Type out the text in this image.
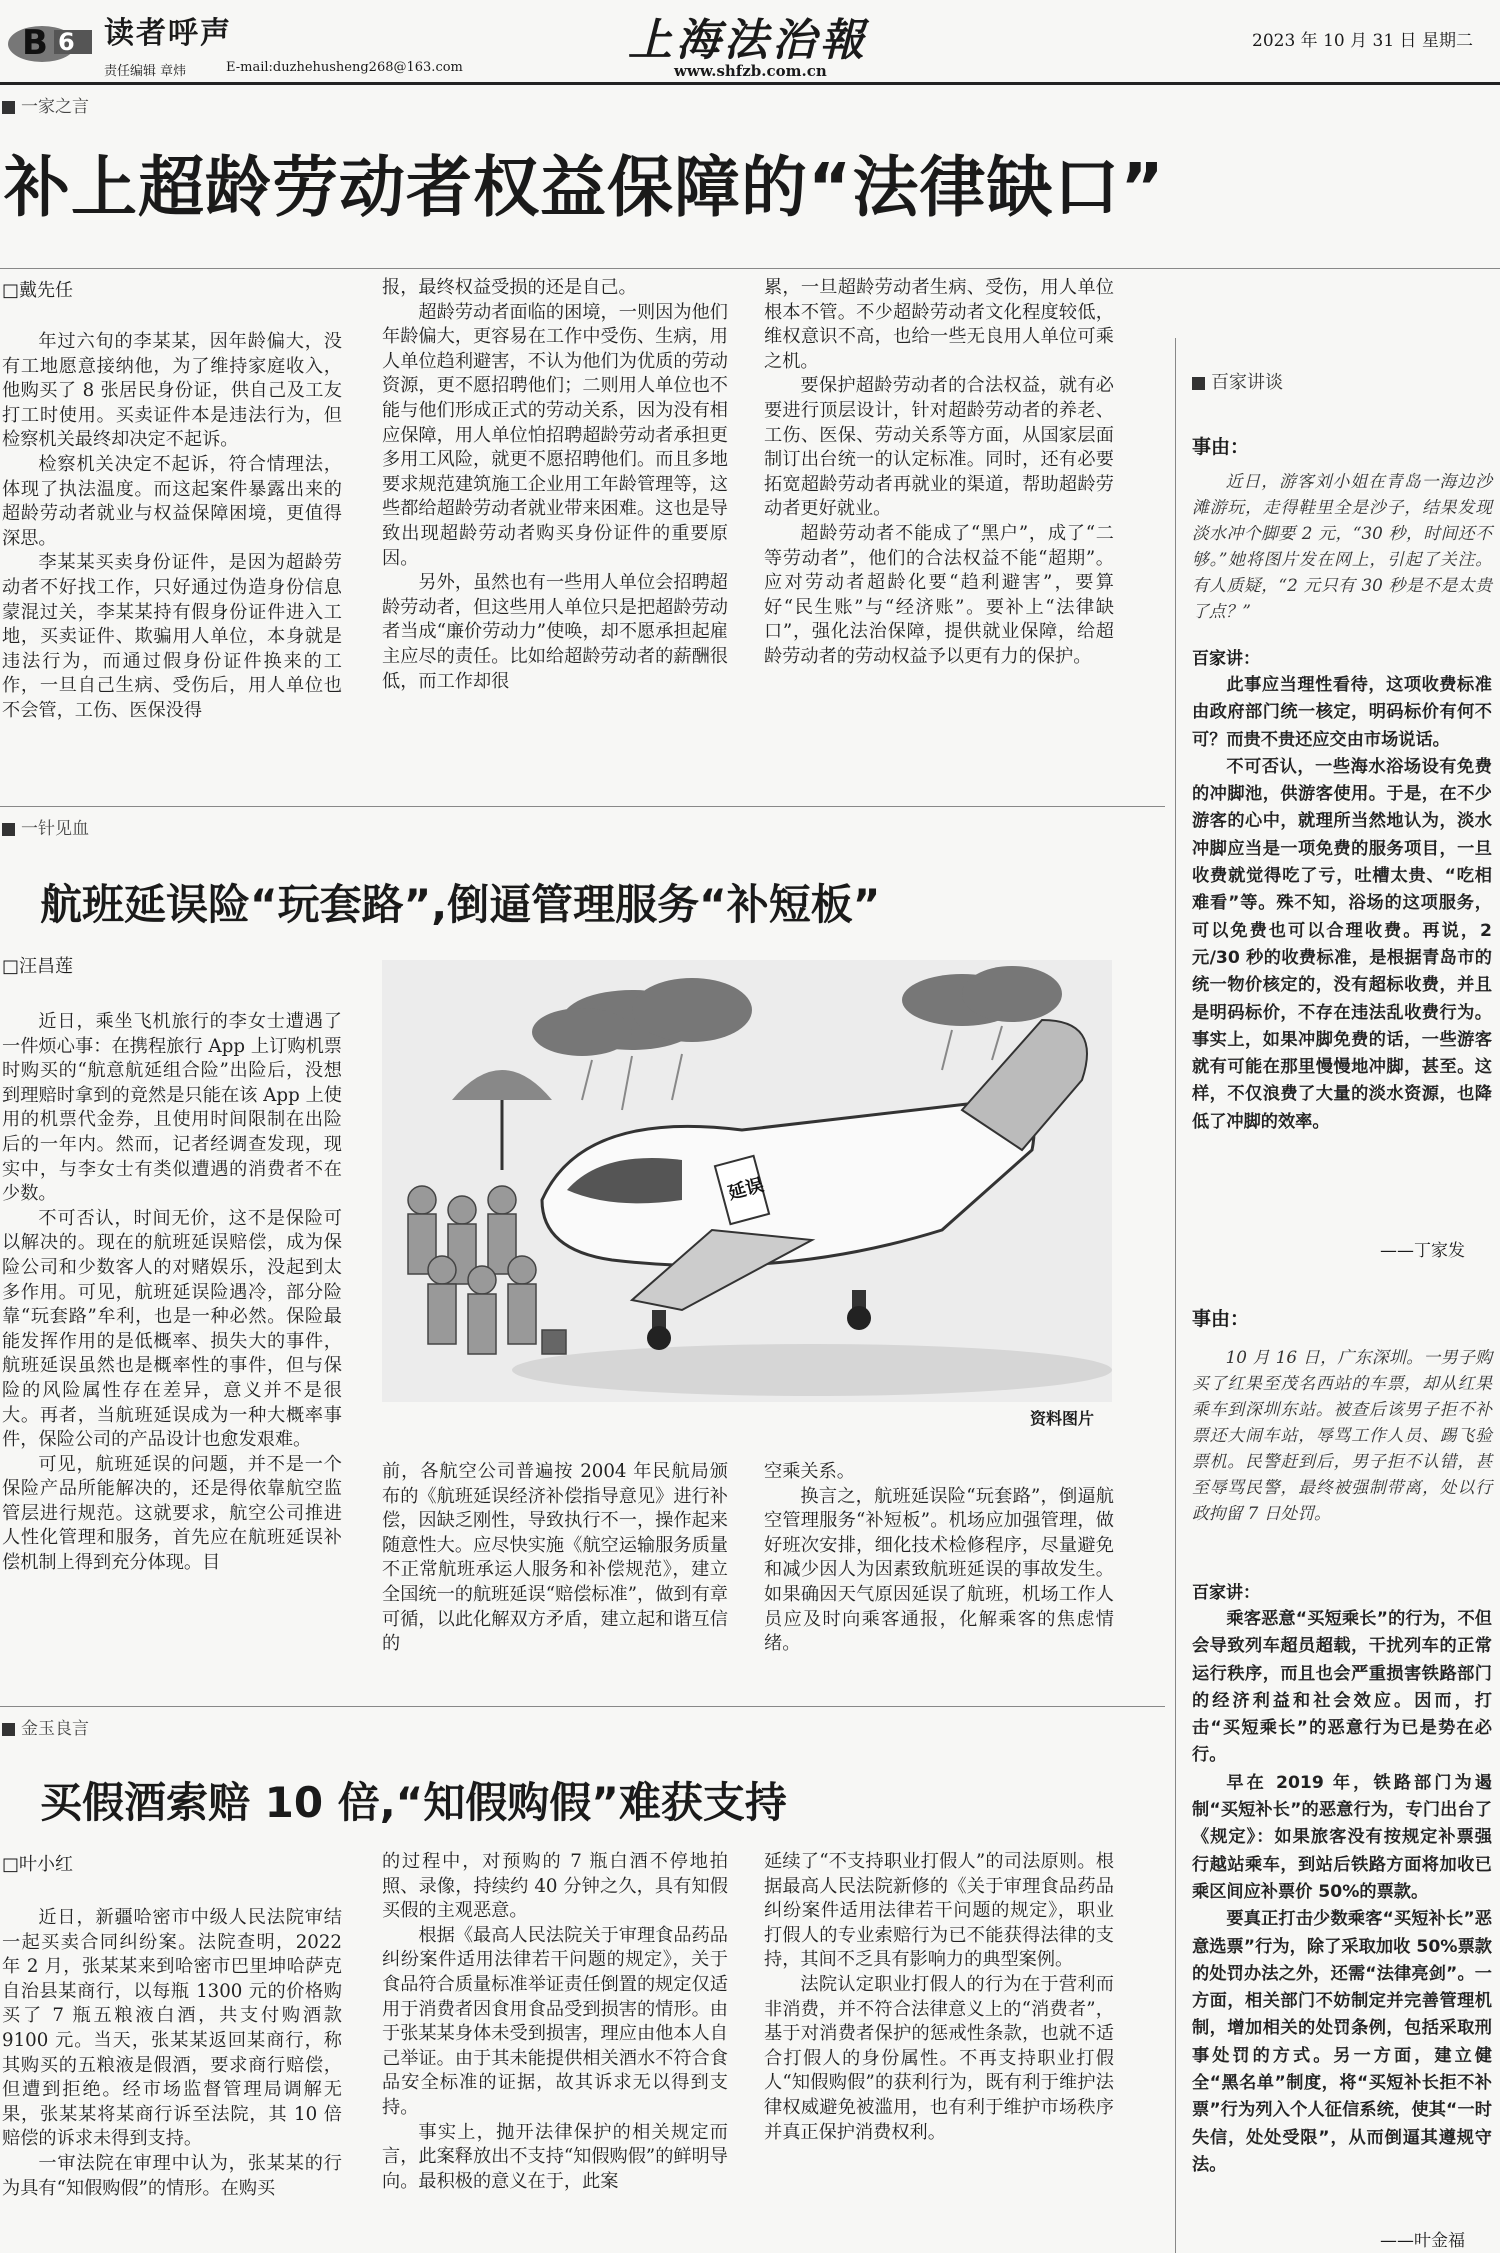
B 6 读者呼声
责任编辑 章炜	E-mail:duzhehusheng268@163.com
上海法治報
www.shfzb.com.cn
2023 年 10 月 31 日 星期二
一家之言
补上超龄劳动者权益保障的“法律缺口”
□戴先任

年过六旬的李某某，因年龄偏大，没有工地愿意接纳他，为了维持家庭收入，他购买了 8 张居民身份证，供自己及工友打工时使用。买卖证件本是违法行为，但检察机关最终却决定不起诉。

检察机关决定不起诉，符合情理法，体现了执法温度。而这起案件暴露出来的超龄劳动者就业与权益保障困境，更值得深思。

李某某买卖身份证件，是因为超龄劳动者不好找工作，只好通过伪造身份信息蒙混过关，李某某持有假身份证件进入工地，买卖证件、欺骗用人单位，本身就是违法行为，而通过假身份证件换来的工作，一旦自己生病、受伤后，用人单位也不会管，工伤、医保没得

报，最终权益受损的还是自己。

超龄劳动者面临的困境，一则因为他们年龄偏大，更容易在工作中受伤、生病，用人单位趋利避害，不认为他们为优质的劳动资源，更不愿招聘他们；二则用人单位也不能与他们形成正式的劳动关系，因为没有相应保障，用人单位怕招聘超龄劳动者承担更多用工风险，就更不愿招聘他们。而且多地要求规范建筑施工企业用工年龄管理等，这些都给超龄劳动者就业带来困难。这也是导致出现超龄劳动者购买身份证件的重要原因。

另外，虽然也有一些用人单位会招聘超龄劳动者，但这些用人单位只是把超龄劳动者当成“廉价劳动力”使唤，却不愿承担起雇主应尽的责任。比如给超龄劳动者的薪酬很低，而工作却很

累，一旦超龄劳动者生病、受伤，用人单位根本不管。不少超龄劳动者文化程度较低，维权意识不高，也给一些无良用人单位可乘之机。

要保护超龄劳动者的合法权益，就有必要进行顶层设计，针对超龄劳动者的养老、工伤、医保、劳动关系等方面，从国家层面制订出台统一的认定标准。同时，还有必要拓宽超龄劳动者再就业的渠道，帮助超龄劳动者更好就业。

超龄劳动者不能成了“黑户”，成了“二等劳动者”，他们的合法权益不能“超期”。应对劳动者超龄化要“趋利避害”，要算好“民生账”与“经济账”。要补上“法律缺口”，强化法治保障，提供就业保障，给超龄劳动者的劳动权益予以更有力的保护。

一针见血
航班延误险“玩套路”,倒逼管理服务“补短板”
□汪昌莲
延误
资料图片

近日，乘坐飞机旅行的李女士遭遇了一件烦心事：在携程旅行 App 上订购机票时购买的“航意航延组合险”出险后，没想到理赔时拿到的竟然是只能在该 App 上使用的机票代金券，且使用时间限制在出险后的一年内。然而，记者经调查发现，现实中，与李女士有类似遭遇的消费者不在少数。

不可否认，时间无价，这不是保险可以解决的。现在的航班延误赔偿，成为保险公司和少数客人的对赌娱乐，没起到太多作用。可见，航班延误险遇冷，部分险靠“玩套路”牟利，也是一种必然。保险最能发挥作用的是低概率、损失大的事件，航班延误虽然也是概率性的事件，但与保险的风险属性存在差异，意义并不是很大。再者，当航班延误成为一种大概率事件，保险公司的产品设计也愈发艰难。

可见，航班延误的问题，并不是一个保险产品所能解决的，还是得依靠航空监管层进行规范。这就要求，航空公司推进人性化管理和服务，首先应在航班延误补偿机制上得到充分体现。目

前，各航空公司普遍按 2004 年民航局颁布的《航班延误经济补偿指导意见》进行补偿，因缺乏刚性，导致执行不一，操作起来随意性大。应尽快实施《航空运输服务质量不正常航班承运人服务和补偿规范》，建立全国统一的航班延误“赔偿标准”，做到有章可循，以此化解双方矛盾，建立起和谐互信的

空乘关系。

换言之，航班延误险“玩套路”，倒逼航空管理服务“补短板”。机场应加强管理，做好班次安排，细化技术检修程序，尽量避免和减少因人为因素致航班延误的事故发生。如果确因天气原因延误了航班，机场工作人员应及时向乘客通报，化解乘客的焦虑情绪。

金玉良言
买假酒索赔 10 倍,“知假购假”难获支持
□叶小红

近日，新疆哈密市中级人民法院审结一起买卖合同纠纷案。法院查明，2022 年 2 月，张某某来到哈密市巴里坤哈萨克自治县某商行，以每瓶 1300 元的价格购买了 7 瓶五粮液白酒，共支付购酒款 9100 元。当天，张某某返回某商行，称其购买的五粮液是假酒，要求商行赔偿，但遭到拒绝。经市场监督管理局调解无果，张某某将某商行诉至法院，其 10 倍赔偿的诉求未得到支持。

一审法院在审理中认为，张某某的行为具有“知假购假”的情形。在购买

的过程中，对预购的 7 瓶白酒不停地拍照、录像，持续约 40 分钟之久，具有知假买假的主观恶意。

根据《最高人民法院关于审理食品药品纠纷案件适用法律若干问题的规定》，关于食品符合质量标准举证责任倒置的规定仅适用于消费者因食用食品受到损害的情形。由于张某某身体未受到损害，理应由他本人自己举证。由于其未能提供相关酒水不符合食品安全标准的证据，故其诉求无以得到支持。

事实上，抛开法律保护的相关规定而言，此案释放出不支持“知假购假”的鲜明导向。最积极的意义在于，此案

延续了“不支持职业打假人”的司法原则。根据最高人民法院新修的《关于审理食品药品纠纷案件适用法律若干问题的规定》，职业打假人的专业索赔行为已不能获得法律的支持，其间不乏具有影响力的典型案例。

法院认定职业打假人的行为在于营利而非消费，并不符合法律意义上的“消费者”，基于对消费者保护的惩戒性条款，也就不适合打假人的身份属性。不再支持职业打假人“知假购假”的获利行为，既有利于维护法律权威避免被滥用，也有利于维护市场秩序并真正保护消费权利。

百家讲谈
事由：

近日，游客刘小姐在青岛一海边沙滩游玩，走得鞋里全是沙子，结果发现淡水冲个脚要 2 元，“30 秒，时间还不够。”她将图片发在网上，引起了关注。有人质疑，“2 元只有 30 秒是不是太贵了点？”

百家讲：

此事应当理性看待，这项收费标准由政府部门统一核定，明码标价有何不可？而贵不贵还应交由市场说话。

不可否认，一些海水浴场设有免费的冲脚池，供游客使用。于是，在不少游客的心中，就理所当然地认为，淡水冲脚应当是一项免费的服务项目，一旦收费就觉得吃了亏，吐槽太贵、“吃相难看”等。殊不知，浴场的这项服务，可以免费也可以合理收费。再说，2 元/30 秒的收费标准，是根据青岛市的统一物价核定的，没有超标收费，并且是明码标价，不存在违法乱收费行为。事实上，如果冲脚免费的话，一些游客就有可能在那里慢慢地冲脚，甚至。这样，不仅浪费了大量的淡水资源，也降低了冲脚的效率。

——丁家发
事由：

10 月 16 日，广东深圳。一男子购买了红果至茂名西站的车票，却从红果乘车到深圳东站。被查后该男子拒不补票还大闹车站，辱骂工作人员、踢飞验票机。民警赶到后，男子拒不认错，甚至辱骂民警，最终被强制带离，处以行政拘留 7 日处罚。

百家讲：

乘客恶意“买短乘长”的行为，不但会导致列车超员超载，干扰列车的正常运行秩序，而且也会严重损害铁路部门的经济利益和社会效应。因而，打击“买短乘长”的恶意行为已是势在必行。

早在 2019 年，铁路部门为遏制“买短补长”的恶意行为，专门出台了《规定》：如果旅客没有按规定补票强行越站乘车，到站后铁路方面将加收已乘区间应补票价 50%的票款。

要真正打击少数乘客“买短补长”恶意选票”行为，除了采取加收 50%票款的处罚办法之外，还需“法律亮剑”。一方面，相关部门不妨制定并完善管理机制，增加相关的处罚条例，包括采取刑事处罚的方式。另一方面，建立健全“黑名单”制度，将“买短补长拒不补票”行为列入个人征信系统，使其“一时失信，处处受限”，从而倒逼其遵规守法。

——叶金福
